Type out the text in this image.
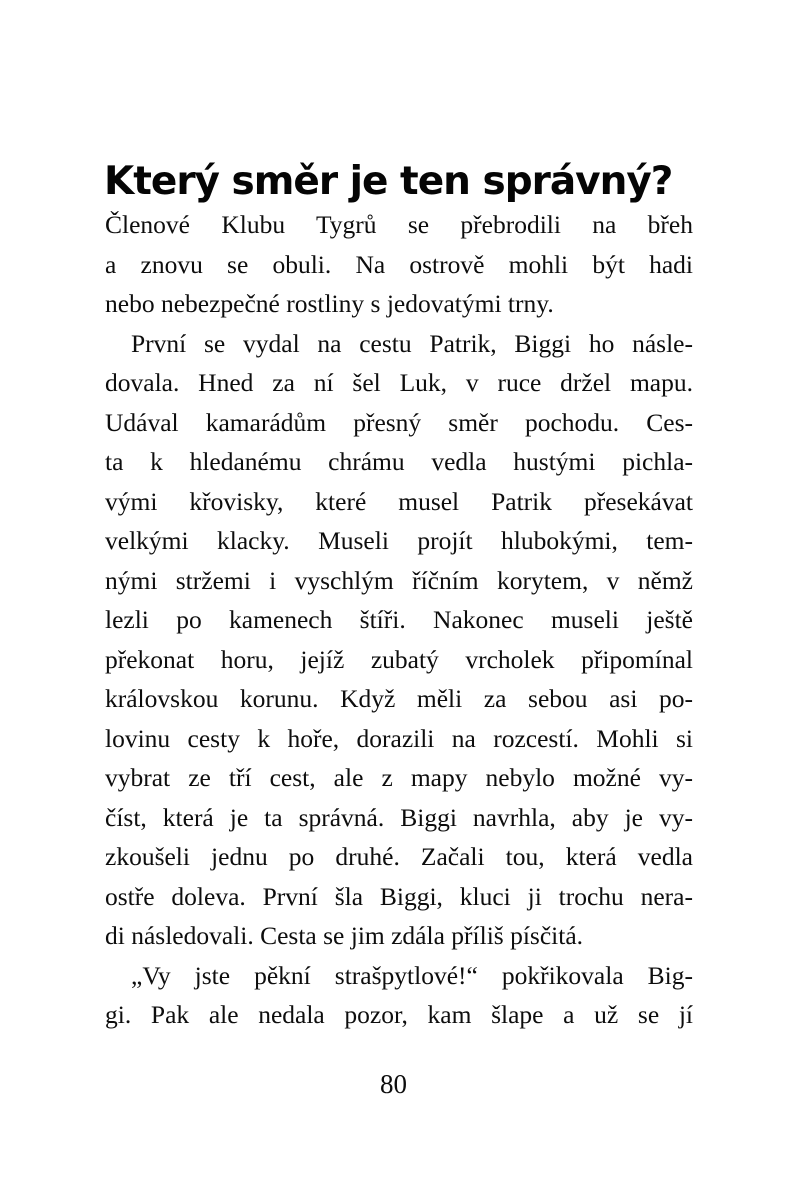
Který směr je ten správný?
Členové Klubu Tygrů se přebrodili na břeh
a znovu se obuli. Na ostrově mohli být hadi
nebo nebezpečné rostliny s jedovatými trny.
První se vydal na cestu Patrik, Biggi ho násle-
dovala. Hned za ní šel Luk, v ruce držel mapu.
Udával kamarádům přesný směr pochodu. Ces-
ta k hledanému chrámu vedla hustými pichla-
vými křovisky, které musel Patrik přesekávat
velkými klacky. Museli projít hlubokými, tem-
nými stržemi i vyschlým říčním korytem, v němž
lezli po kamenech štíři. Nakonec museli ještě
překonat horu, jejíž zubatý vrcholek připomínal
královskou korunu. Když měli za sebou asi po-
lovinu cesty k hoře, dorazili na rozcestí. Mohli si
vybrat ze tří cest, ale z mapy nebylo možné vy-
číst, která je ta správná. Biggi navrhla, aby je vy-
zkoušeli jednu po druhé. Začali tou, která vedla
ostře doleva. První šla Biggi, kluci ji trochu nera-
di následovali. Cesta se jim zdála příliš písčitá.
„Vy jste pěkní strašpytlové!“ pokřikovala Big-
gi. Pak ale nedala pozor, kam šlape a už se jí
80
